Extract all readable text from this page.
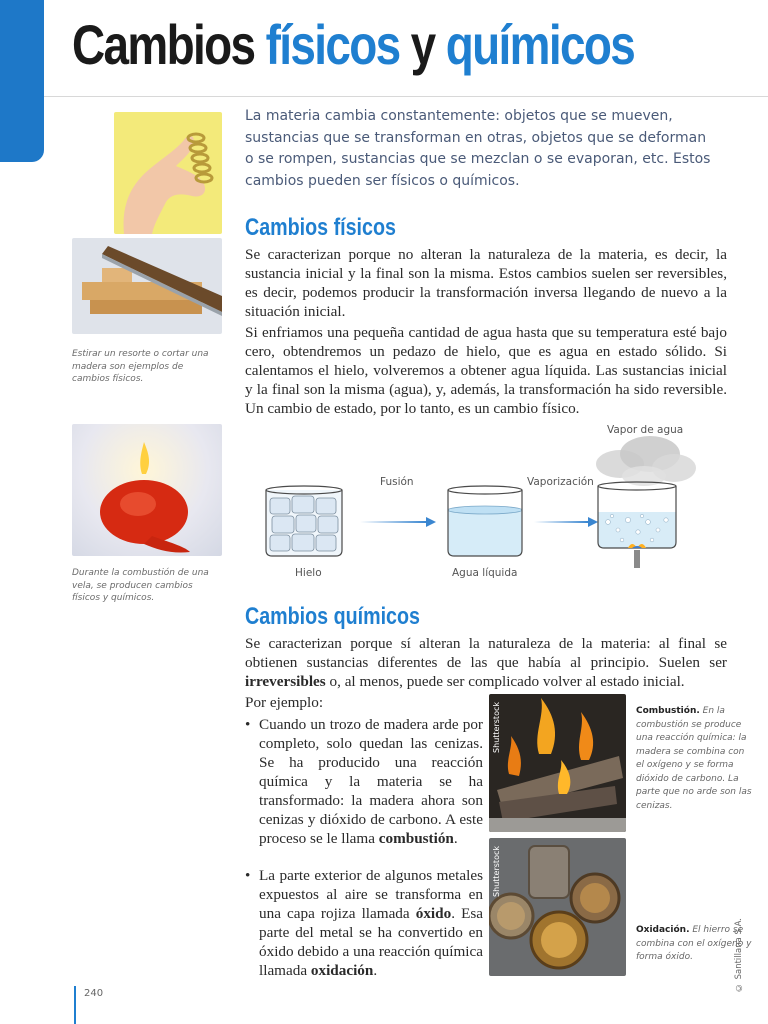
Cambios físicos y químicos
La materia cambia constantemente: objetos que se mueven, sustancias que se transforman en otras, objetos que se deforman o se rompen, sustancias que se mezclan o se evaporan, etc. Estos cambios pueden ser físicos o químicos.
Estirar un resorte o cortar una madera son ejemplos de cambios físicos.
Durante la combustión de una vela, se producen cambios físicos y químicos.
Cambios físicos
Se caracterizan porque no alteran la naturaleza de la materia, es decir, la sustancia inicial y la final son la misma. Estos cambios suelen ser reversibles, es decir, podemos producir la transformación inversa llegando de nuevo a la situación inicial.
Si enfriamos una pequeña cantidad de agua hasta que su temperatura esté bajo cero, obtendremos un pedazo de hielo, que es agua en estado sólido. Si calentamos el hielo, volveremos a obtener agua líquida. Las sustancias inicial y la final son la misma (agua), y, además, la transformación ha sido reversible. Un cambio de estado, por lo tanto, es un cambio físico.
Vapor de agua
Fusión	Vaporización
Hielo	Agua líquida
Cambios químicos
Se caracterizan porque sí alteran la naturaleza de la materia: al final se obtienen sustancias diferentes de las que había al principio. Suelen ser irreversibles o, al menos, puede ser complicado volver al estado inicial.
Por ejemplo:
• Cuando un trozo de madera arde por completo, solo quedan las cenizas. Se ha producido una reacción química y la materia se ha transformado: la madera ahora son cenizas y dióxido de carbono. A este proceso se le llama combustión.
• La parte exterior de algunos metales expuestos al aire se transforma en una capa rojiza llamada óxido. Esa parte del metal se ha convertido en óxido debido a una reacción química llamada oxidación.
Shutterstock
Shutterstock
Combustión. En la combustión se produce una reacción química: la madera se combina con el oxígeno y se forma dióxido de carbono. La parte que no arde son las cenizas.
Oxidación. El hierro se combina con el oxígeno y forma óxido.	© Santillana S.A.
240
